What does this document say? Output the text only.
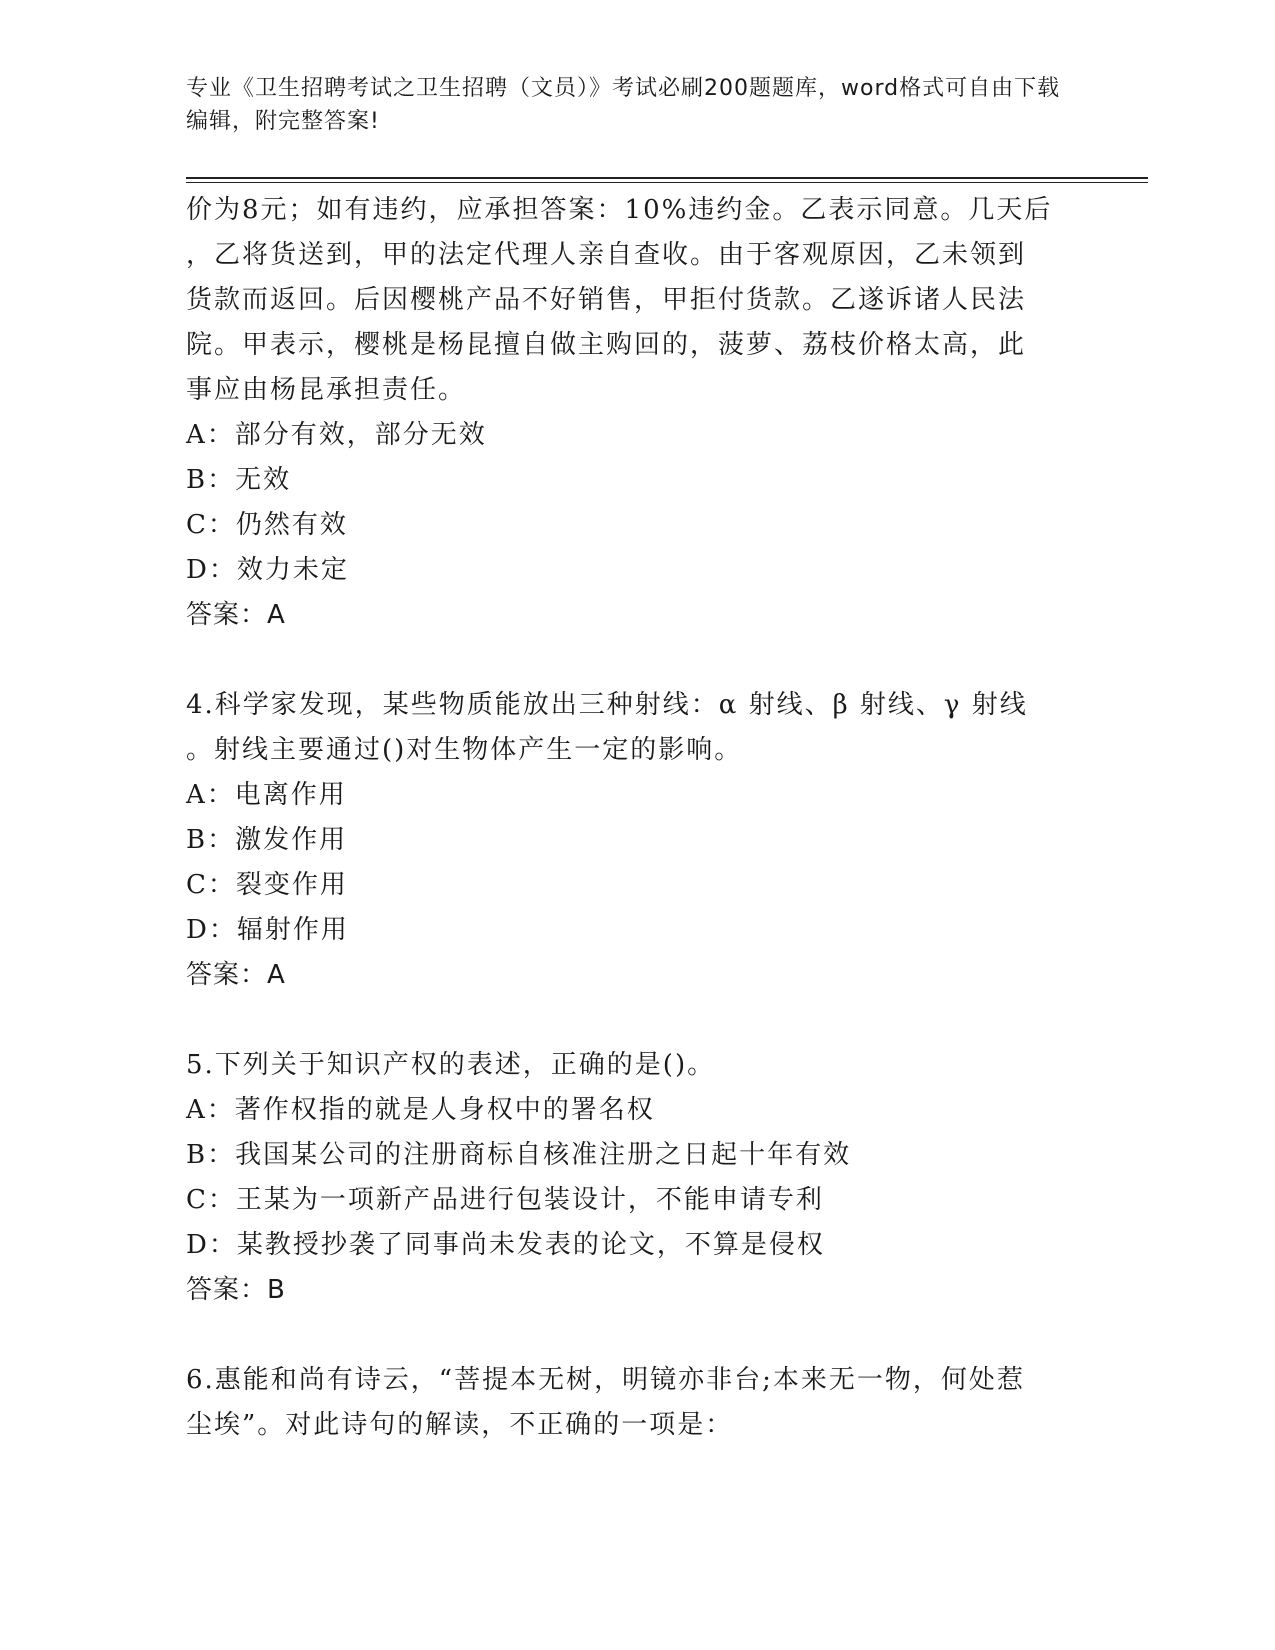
专业《卫生招聘考试之卫生招聘（文员）》考试必刷200题题库，word格式可自由下载编辑，附完整答案!

价为8元；如有违约，应承担答案：10%违约金。乙表示同意。几天后

，乙将货送到，甲的法定代理人亲自查收。由于客观原因，乙未领到

货款而返回。后因樱桃产品不好销售，甲拒付货款。乙遂诉诸人民法

院。甲表示，樱桃是杨昆擅自做主购回的，菠萝、荔枝价格太高，此

事应由杨昆承担责任。

A：部分有效，部分无效

B：无效

C：仍然有效

D：效力未定

答案：A

4.科学家发现，某些物质能放出三种射线：α 射线、β 射线、γ 射线

。射线主要通过()对生物体产生一定的影响。

A：电离作用

B：激发作用

C：裂变作用

D：辐射作用

答案：A

5.下列关于知识产权的表述，正确的是()。

A：著作权指的就是人身权中的署名权

B：我国某公司的注册商标自核准注册之日起十年有效

C：王某为一项新产品进行包装设计，不能申请专利

D：某教授抄袭了同事尚未发表的论文，不算是侵权

答案：B

6.惠能和尚有诗云，“菩提本无树，明镜亦非台;本来无一物，何处惹

尘埃”。对此诗句的解读，不正确的一项是：
